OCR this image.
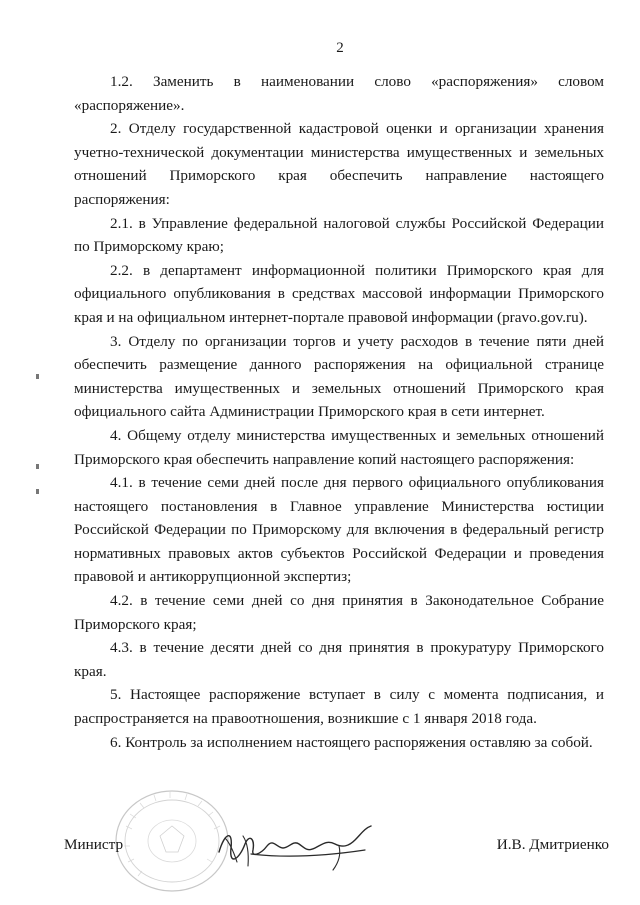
2

1.2. Заменить в наименовании слово «распоряжения» словом «распоряжение».

2. Отделу государственной кадастровой оценки и организации хранения учетно-технической документации министерства имущественных и земельных отношений Приморского края обеспечить направление настоящего распоряжения:

2.1. в Управление федеральной налоговой службы Российской Федерации по Приморскому краю;

2.2. в департамент информационной политики Приморского края для официального опубликования в средствах массовой информации Приморского края и на официальном интернет-портале правовой информации (pravo.gov.ru).

3. Отделу по организации торгов и учету расходов в течение пяти дней обеспечить размещение данного распоряжения на официальной странице министерства имущественных и земельных отношений Приморского края официального сайта Администрации Приморского края в сети интернет.

4. Общему отделу министерства имущественных и земельных отношений Приморского края обеспечить направление копий настоящего распоряжения:

4.1. в течение семи дней после дня первого официального опубликования настоящего постановления в Главное управление Министерства юстиции Российской Федерации по Приморскому для включения в федеральный регистр нормативных правовых актов субъектов Российской Федерации и проведения правовой и антикоррупционной экспертиз;

4.2. в течение семи дней со дня принятия в Законодательное Собрание Приморского края;

4.3. в течение десяти дней со дня принятия в прокуратуру Приморского края.

5. Настоящее распоряжение вступает в силу с момента подписания, и распространяется на правоотношения, возникшие с 1 января 2018 года.

6. Контроль за исполнением настоящего распоряжения оставляю за собой.

Министр	И.В. Дмитриенко
